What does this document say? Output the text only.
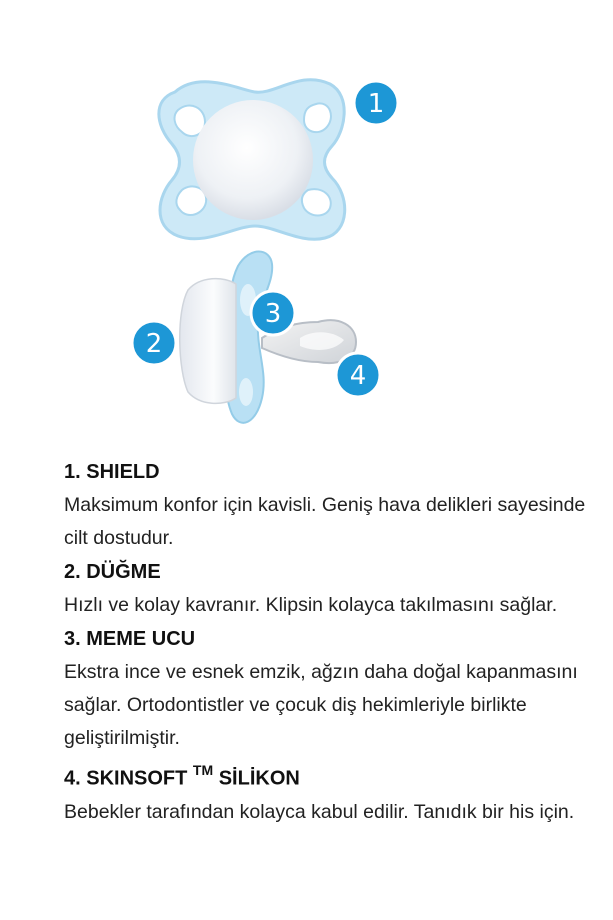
1
2
3
4
1. SHIELD

Maksimum konfor için kavisli. Geniş hava delikleri sayesinde cilt dostudur.

2. DÜĞME

Hızlı ve kolay kavranır. Klipsin kolayca takılmasını sağlar.

3. MEME UCU

Ekstra ince ve esnek emzik, ağzın daha doğal kapanmasını sağlar. Ortodontistler ve çocuk diş hekimleriyle birlikte geliştirilmiştir.

4. SKINSOFT ™ SİLİKON

Bebekler tarafından kolayca kabul edilir. Tanıdık bir his için.
